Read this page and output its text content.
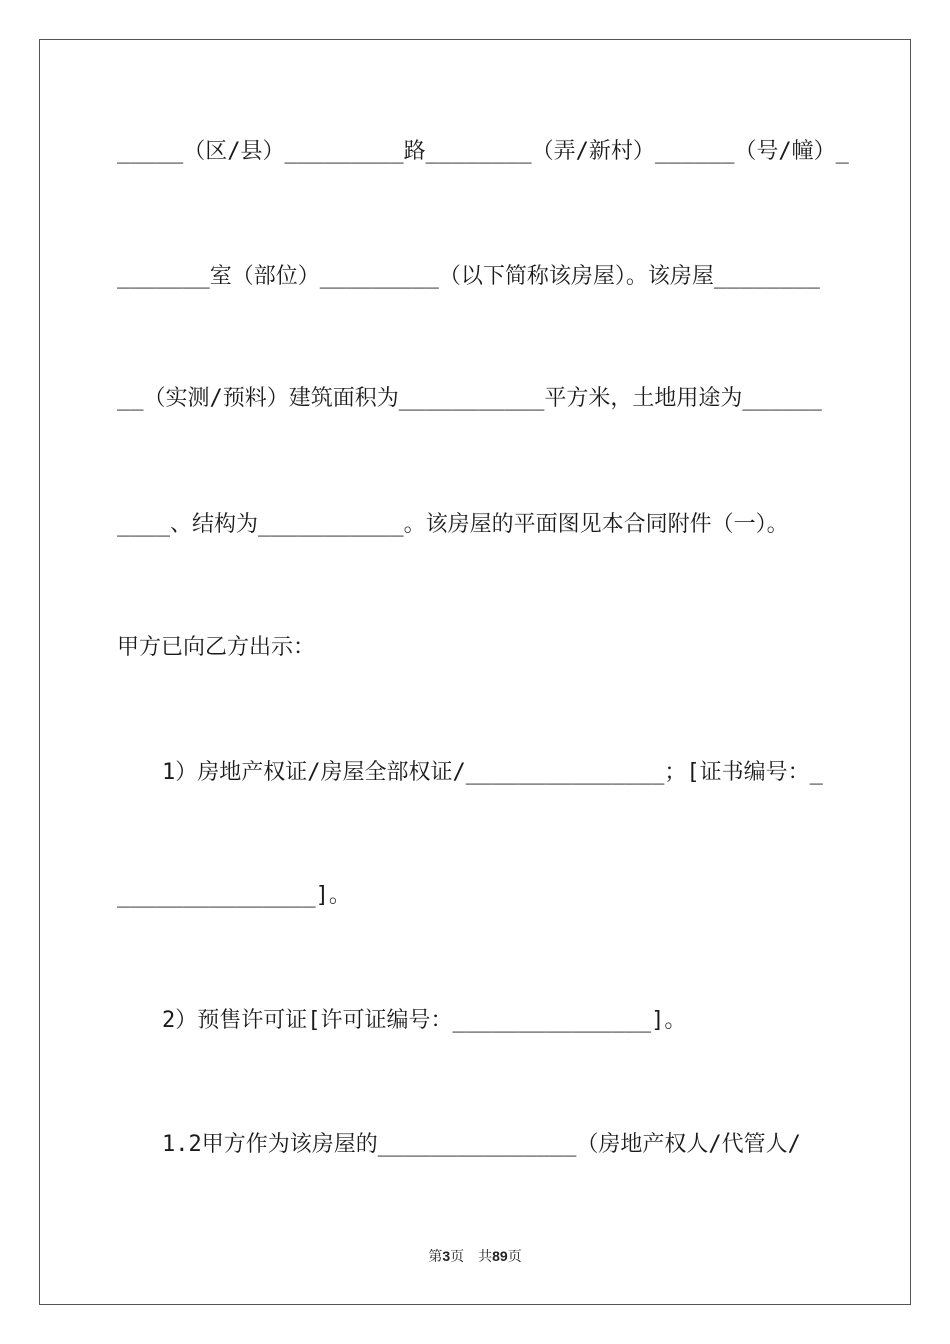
_____（区/县）_________路________（弄/新村）______（号/幢）_
_______室（部位）_________（以下简称该房屋）。该房屋________
__（实测/预料）建筑面积为___________平方米，土地用途为______
____、结构为___________。该房屋的平面图见本合同附件（一）。
甲方已向乙方出示：
1）房地产权证/房屋全部权证/_______________；[证书编号：_
_______________]。
2）预售许可证[许可证编号：_______________]。
1.2甲方作为该房屋的_______________（房地产权人/代管人/
第3页 共89页
